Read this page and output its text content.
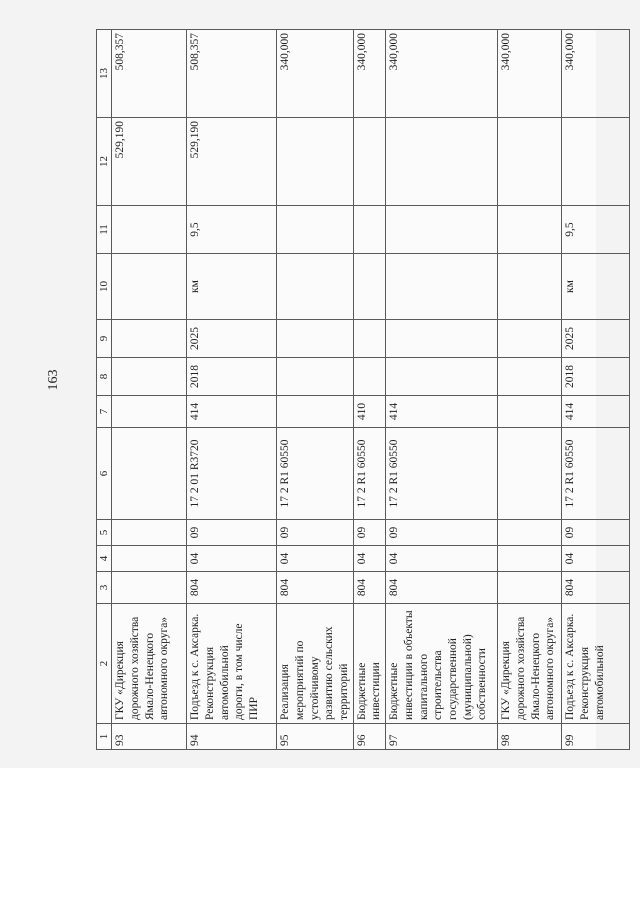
163
1	2	3	4	5	6	7	8	9	10	11	12	13
93	ГКУ «Дирекция дорожного хозяйства Ямало-Ненецкого автономного округа»										529,190	508,357
94	Подъезд к с. Аксарка. Реконструкция автомобильной дороги, в том числе ПИР	804	04	09	17 2 01 R3720	414	2018	2025	км	9,5	529,190	508,357
95	Реализация мероприятий по устойчивому развитию сельских территорий	804	04	09	17 2 R1 60550							340,000
96	Бюджетные инвестиции	804	04	09	17 2 R1 60550	410						340,000
97	Бюджетные инвестиции в объекты капитального строительства государственной (муниципальной) собственности	804	04	09	17 2 R1 60550	414						340,000
98	ГКУ «Дирекция дорожного хозяйства Ямало-Ненецкого автономного округа»											340,000
99	Подъезд к с. Аксарка. Реконструкция автомобильной	804	04	09	17 2 R1 60550	414	2018	2025	км	9,5		340,000
